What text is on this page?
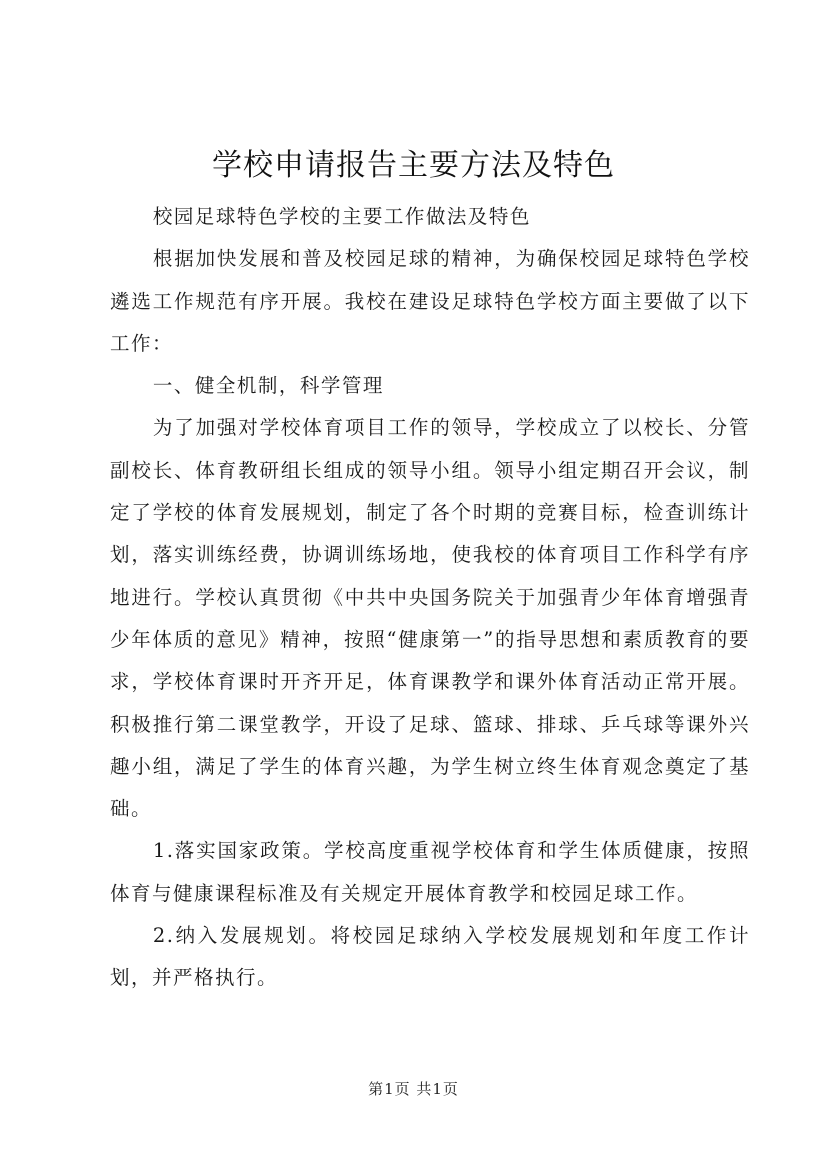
学校申请报告主要方法及特色

校园足球特色学校的主要工作做法及特色

根据加快发展和普及校园足球的精神，为确保校园足球特色学校遴选工作规范有序开展。我校在建设足球特色学校方面主要做了以下工作：

一、健全机制，科学管理

为了加强对学校体育项目工作的领导，学校成立了以校长、分管副校长、体育教研组长组成的领导小组。领导小组定期召开会议，制定了学校的体育发展规划，制定了各个时期的竞赛目标，检查训练计划，落实训练经费，协调训练场地，使我校的体育项目工作科学有序地进行。学校认真贯彻《中共中央国务院关于加强青少年体育增强青少年体质的意见》精神，按照“健康第一”的指导思想和素质教育的要求，学校体育课时开齐开足，体育课教学和课外体育活动正常开展。积极推行第二课堂教学，开设了足球、篮球、排球、乒乓球等课外兴趣小组，满足了学生的体育兴趣，为学生树立终生体育观念奠定了基础。

1.落实国家政策。学校高度重视学校体育和学生体质健康，按照体育与健康课程标准及有关规定开展体育教学和校园足球工作。

2.纳入发展规划。将校园足球纳入学校发展规划和年度工作计划，并严格执行。

第1页 共1页
